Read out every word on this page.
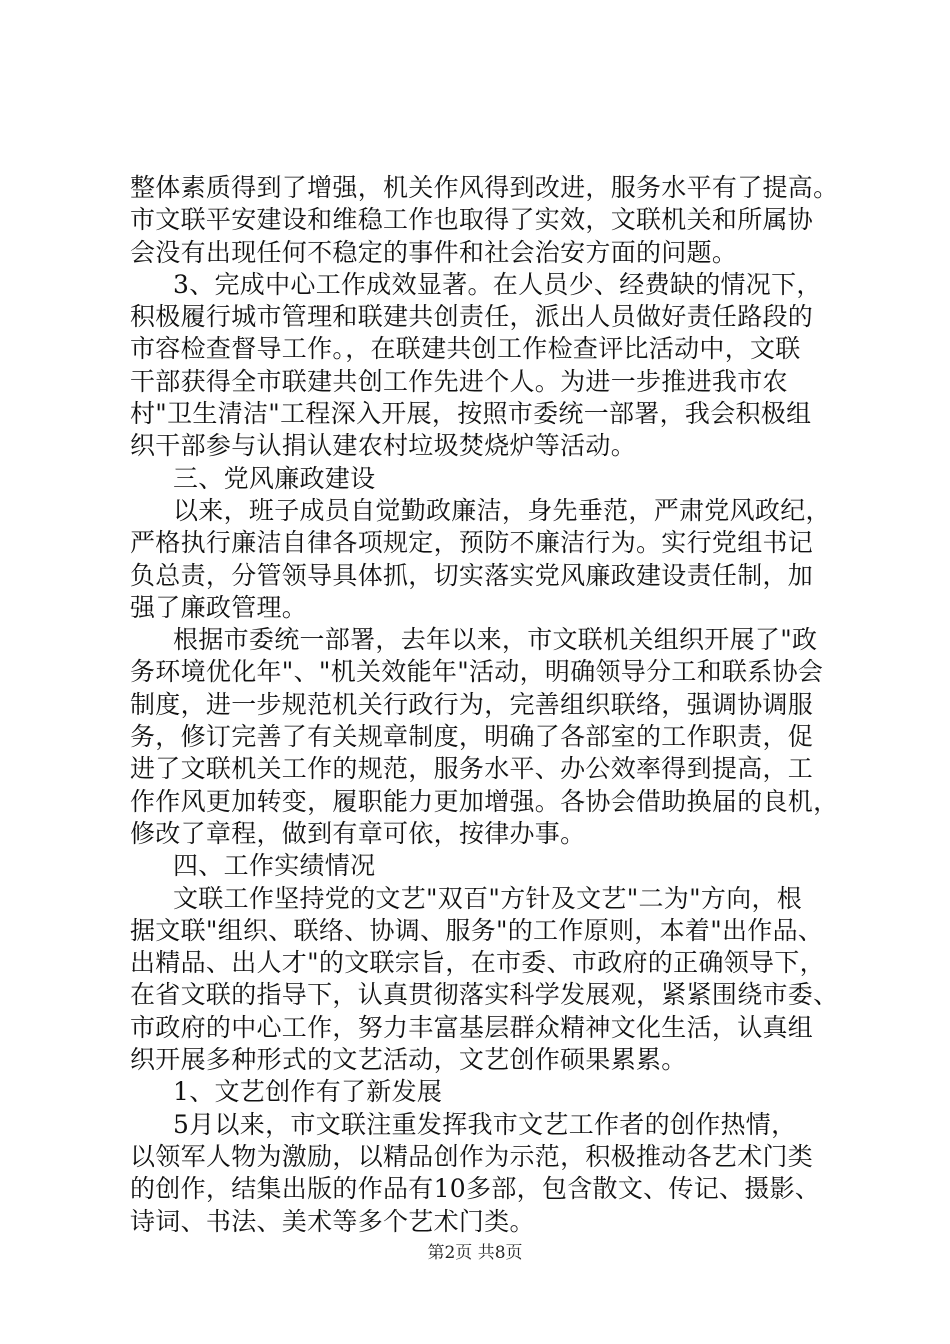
整体素质得到了增强，机关作风得到改进，服务水平有了提高。
市文联平安建设和维稳工作也取得了实效，文联机关和所属协
会没有出现任何不稳定的事件和社会治安方面的问题。
3、完成中心工作成效显著。在人员少、经费缺的情况下，
积极履行城市管理和联建共创责任，派出人员做好责任路段的
市容检查督导工作。，在联建共创工作检查评比活动中，文联
干部获得全市联建共创工作先进个人。为进一步推进我市农
村"卫生清洁"工程深入开展，按照市委统一部署，我会积极组
织干部参与认捐认建农村垃圾焚烧炉等活动。
三、党风廉政建设
以来，班子成员自觉勤政廉洁，身先垂范，严肃党风政纪，
严格执行廉洁自律各项规定，预防不廉洁行为。实行党组书记
负总责，分管领导具体抓，切实落实党风廉政建设责任制，加
强了廉政管理。
根据市委统一部署，去年以来，市文联机关组织开展了"政
务环境优化年"、"机关效能年"活动，明确领导分工和联系协会
制度，进一步规范机关行政行为，完善组织联络，强调协调服
务，修订完善了有关规章制度，明确了各部室的工作职责，促
进了文联机关工作的规范，服务水平、办公效率得到提高，工
作作风更加转变，履职能力更加增强。各协会借助换届的良机，
修改了章程，做到有章可依，按律办事。
四、工作实绩情况
文联工作坚持党的文艺"双百"方针及文艺"二为"方向，根
据文联"组织、联络、协调、服务"的工作原则，本着"出作品、
出精品、出人才"的文联宗旨，在市委、市政府的正确领导下，
在省文联的指导下，认真贯彻落实科学发展观，紧紧围绕市委、
市政府的中心工作，努力丰富基层群众精神文化生活，认真组
织开展多种形式的文艺活动，文艺创作硕果累累。
1、文艺创作有了新发展
5月以来，市文联注重发挥我市文艺工作者的创作热情，
以领军人物为激励，以精品创作为示范，积极推动各艺术门类
的创作，结集出版的作品有10多部，包含散文、传记、摄影、
诗词、书法、美术等多个艺术门类。
第2页 共8页
